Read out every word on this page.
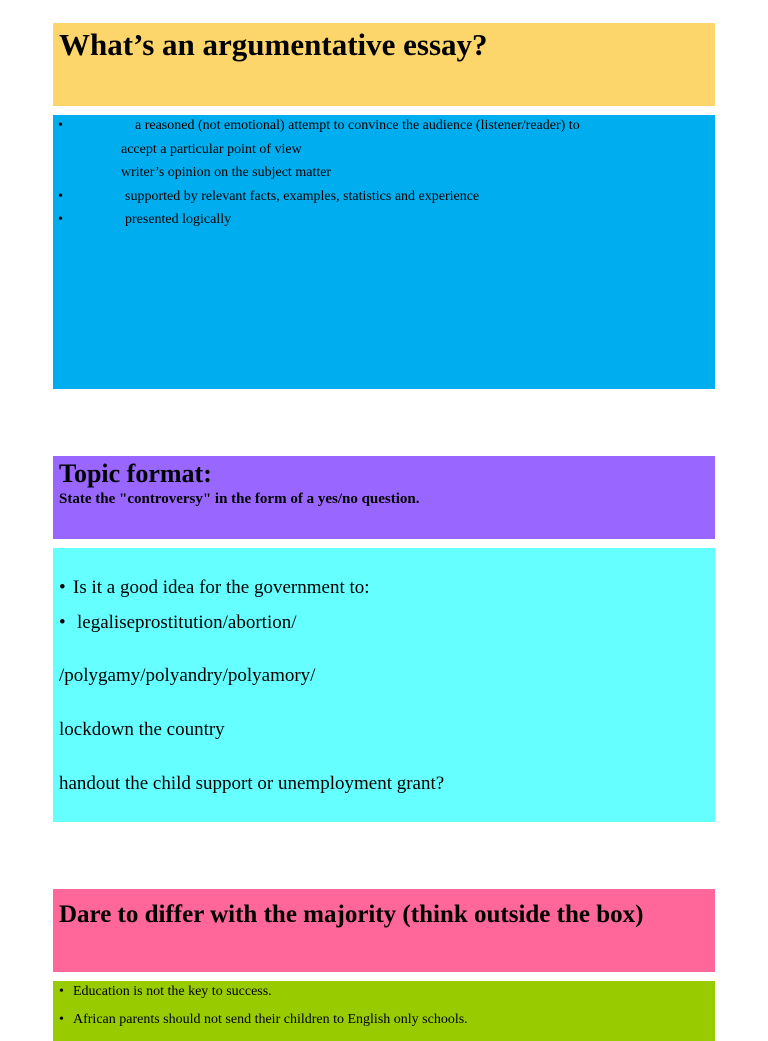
What’s an argumentative essay?
•	a reasoned (not emotional) attempt to convince the audience (listener/reader) to
accept a particular point of view
writer’s opinion on the subject matter
•	supported by relevant facts, examples, statistics and experience
•	presented logically
Topic format:
State the "controversy" in the form of a yes/no question.
• Is it a good idea for the government to:
• legaliseprostitution/abortion/
/polygamy/polyandry/polyamory/
lockdown the country
handout the child support or unemployment grant?
Dare to differ with the majority (think outside the box)
• Education is not the key to success.
• African parents should not send their children to English only schools.
